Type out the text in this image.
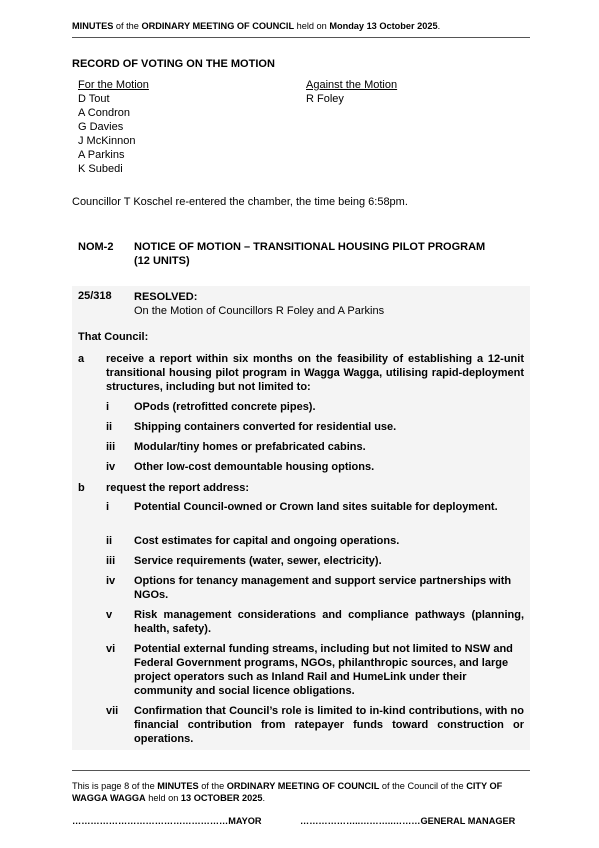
MINUTES of the ORDINARY MEETING OF COUNCIL held on Monday 13 October 2025.
RECORD OF VOTING ON THE MOTION
For the Motion
D Tout
A Condron
G Davies
J McKinnon
A Parkins
K Subedi
Against the Motion
R Foley
Councillor T Koschel re-entered the chamber, the time being 6:58pm.
NOM-2	NOTICE OF MOTION – TRANSITIONAL HOUSING PILOT PROGRAM
(12 UNITS)
25/318 RESOLVED:
On the Motion of Councillors R Foley and A Parkins
That Council:
a receive a report within six months on the feasibility of establishing a 12-unit transitional housing pilot program in Wagga Wagga, utilising rapid-deployment structures, including but not limited to:
i OPods (retrofitted concrete pipes).
ii Shipping containers converted for residential use.
iii Modular/tiny homes or prefabricated cabins.
iv Other low-cost demountable housing options.
b request the report address:
i Potential Council-owned or Crown land sites suitable for deployment.
ii Cost estimates for capital and ongoing operations.
iii Service requirements (water, sewer, electricity).
iv Options for tenancy management and support service partnerships with NGOs.
v Risk management considerations and compliance pathways (planning, health, safety).
vi Potential external funding streams, including but not limited to NSW and Federal Government programs, NGOs, philanthropic sources, and large project operators such as Inland Rail and HumeLink under their community and social licence obligations.
vii Confirmation that Council’s role is limited to in-kind contributions, with no financial contribution from ratepayer funds toward construction or operations.
This is page 8 of the MINUTES of the ORDINARY MEETING OF COUNCIL of the Council of the CITY OF WAGGA WAGGA held on 13 OCTOBER 2025.
……………………………………………MAYOR	………………..………..………GENERAL MANAGER
